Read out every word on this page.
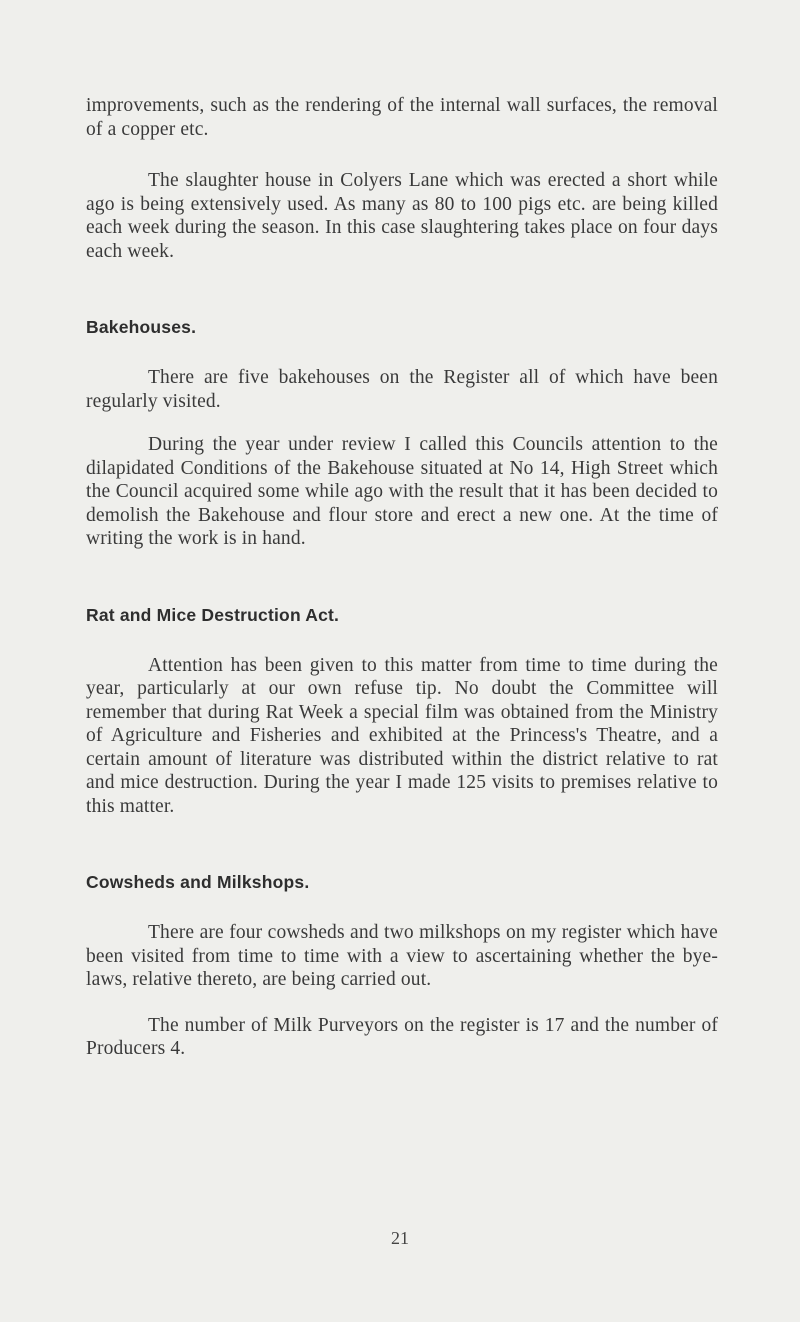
improvements, such as the rendering of the internal wall surfaces, the removal of a copper etc.

The slaughter house in Colyers Lane which was erected a short while ago is being extensively used. As many as 80 to 100 pigs etc. are being killed each week during the season. In this case slaughtering takes place on four days each week.

Bakehouses.

There are five bakehouses on the Register all of which have been regularly visited.

During the year under review I called this Councils attention to the dilapidated Conditions of the Bakehouse situated at No 14, High Street which the Council acquired some while ago with the result that it has been decided to demolish the Bakehouse and flour store and erect a new one. At the time of writing the work is in hand.

Rat and Mice Destruction Act.

Attention has been given to this matter from time to time during the year, particularly at our own refuse tip. No doubt the Committee will remember that during Rat Week a special film was obtained from the Ministry of Agriculture and Fisheries and exhibited at the Princess's Theatre, and a certain amount of literature was distributed within the district relative to rat and mice destruction. During the year I made 125 visits to premises relative to this matter.

Cowsheds and Milkshops.

There are four cowsheds and two milkshops on my register which have been visited from time to time with a view to ascertaining whether the bye-laws, relative thereto, are being carried out.

The number of Milk Purveyors on the register is 17 and the number of Producers 4.

21
